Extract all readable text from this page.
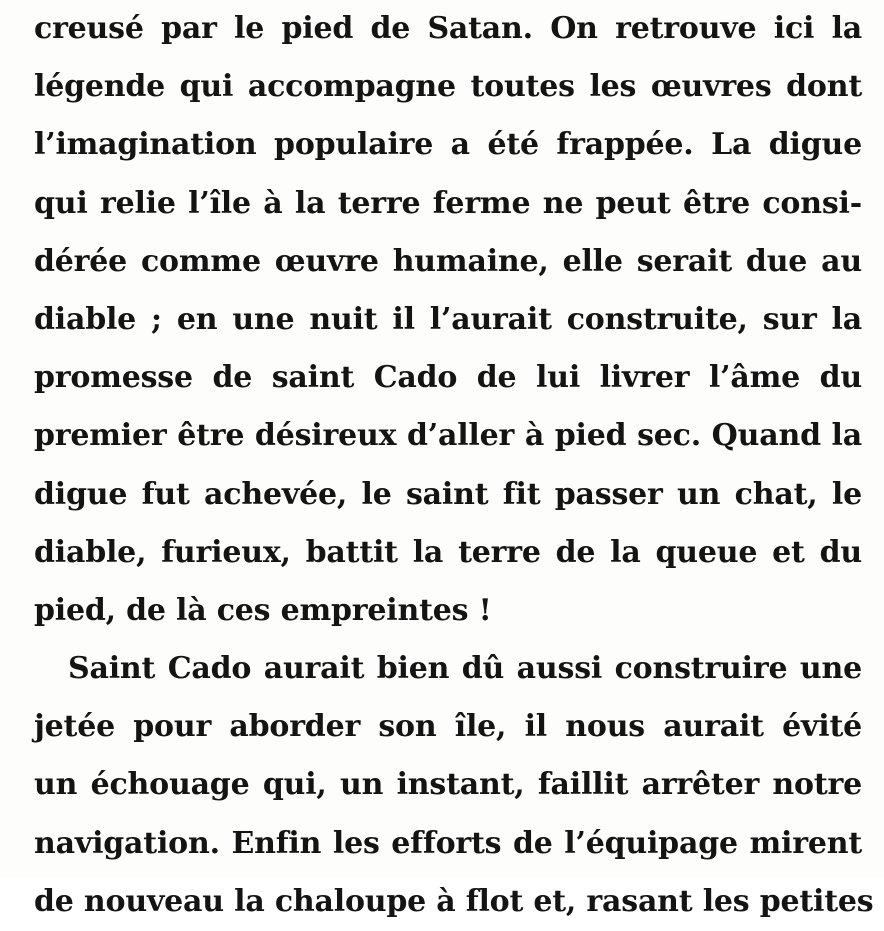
creusé par le pied de Satan. On retrouve ici la
légende qui accompagne toutes les œuvres dont
l’imagination populaire a été frappée. La digue
qui relie l’île à la terre ferme ne peut être consi-
dérée comme œuvre humaine, elle serait due au
diable ; en une nuit il l’aurait construite, sur la
promesse de saint Cado de lui livrer l’âme du
premier être désireux d’aller à pied sec. Quand la
digue fut achevée, le saint fit passer un chat, le
diable, furieux, battit la terre de la queue et du
pied, de là ces empreintes !
Saint Cado aurait bien dû aussi construire une
jetée pour aborder son île, il nous aurait évité
un échouage qui, un instant, faillit arrêter notre
navigation. Enfin les efforts de l’équipage mirent
de nouveau la chaloupe à flot et, rasant les petites
